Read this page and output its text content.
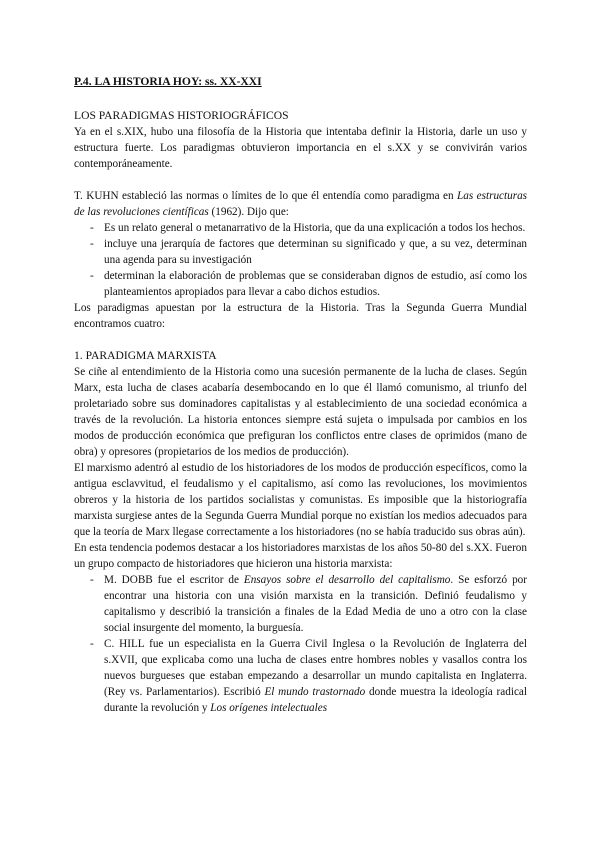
P.4. LA HISTORIA HOY: ss. XX-XXI
LOS PARADIGMAS HISTORIOGRÁFICOS

Ya en el s.XIX, hubo una filosofía de la Historia que intentaba definir la Historia, darle un uso y estructura fuerte. Los paradigmas obtuvieron importancia en el s.XX y se convivirán varios contemporáneamente.

T. KUHN estableció las normas o límites de lo que él entendía como paradigma en Las estructuras de las revoluciones científicas (1962). Dijo que:

- Es un relato general o metanarrativo de la Historia, que da una explicación a todos los hechos.
- incluye una jerarquía de factores que determinan su significado y que, a su vez, determinan una agenda para su investigación
- determinan la elaboración de problemas que se consideraban dignos de estudio, así como los planteamientos apropiados para llevar a cabo dichos estudios.

Los paradigmas apuestan por la estructura de la Historia. Tras la Segunda Guerra Mundial encontramos cuatro:

1. PARADIGMA MARXISTA

Se ciñe al entendimiento de la Historia como una sucesión permanente de la lucha de clases. Según Marx, esta lucha de clases acabaría desembocando en lo que él llamó comunismo, al triunfo del proletariado sobre sus dominadores capitalistas y al establecimiento de una sociedad económica a través de la revolución. La historia entonces siempre está sujeta o impulsada por cambios en los modos de producción económica que prefiguran los conflictos entre clases de oprimidos (mano de obra) y opresores (propietarios de los medios de producción).

El marxismo adentró al estudio de los historiadores de los modos de producción específicos, como la antigua esclavvitud, el feudalismo y el capitalismo, así como las revoluciones, los movimientos obreros y la historia de los partidos socialistas y comunistas. Es imposible que la historiografía marxista surgiese antes de la Segunda Guerra Mundial porque no existían los medios adecuados para que la teoría de Marx llegase correctamente a los historiadores (no se había traducido sus obras aún).

En esta tendencia podemos destacar a los historiadores marxistas de los años 50-80 del s.XX. Fueron un grupo compacto de historiadores que hicieron una historia marxista:

- M. DOBB fue el escritor de Ensayos sobre el desarrollo del capitalismo. Se esforzó por encontrar una historia con una visión marxista en la transición. Definió feudalismo y capitalismo y describió la transición a finales de la Edad Media de uno a otro con la clase social insurgente del momento, la burguesía.
- C. HILL fue un especialista en la Guerra Civil Inglesa o la Revolución de Inglaterra del s.XVII, que explicaba como una lucha de clases entre hombres nobles y vasallos contra los nuevos burgueses que estaban empezando a desarrollar un mundo capitalista en Inglaterra. (Rey vs. Parlamentarios). Escribió El mundo trastornado donde muestra la ideología radical durante la revolución y Los orígenes intelectuales
